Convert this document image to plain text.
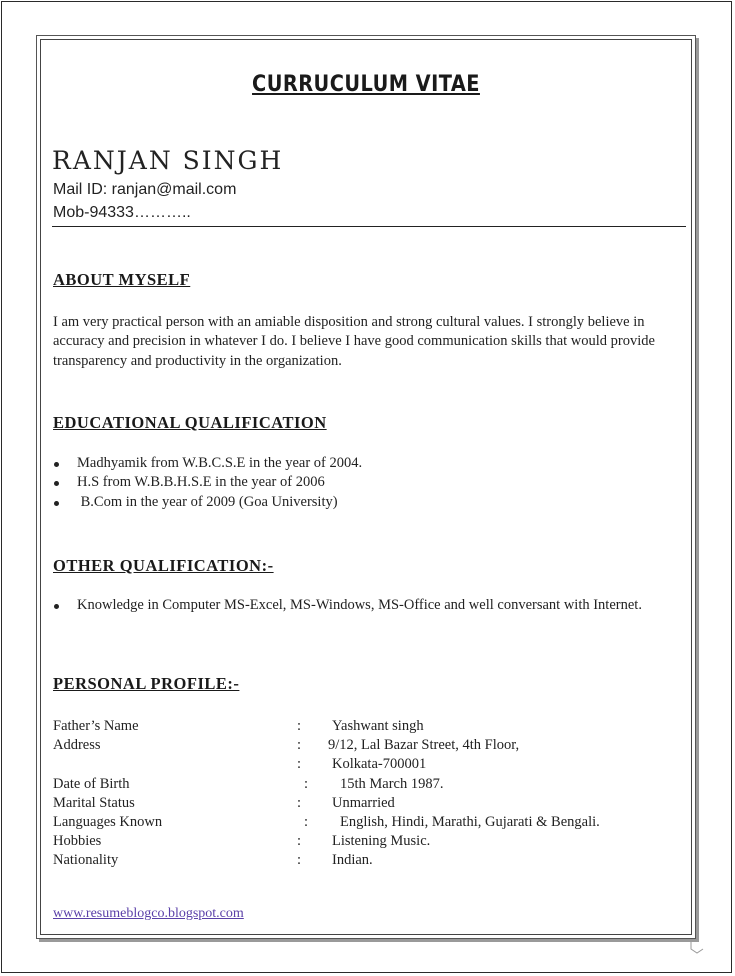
CURRUCULUM VITAE
RANJAN SINGH
Mail ID: ranjan@mail.com
Mob-94333………..
ABOUT MYSELF
I am very practical person with an amiable disposition and strong cultural values. I strongly believe in accuracy and precision in whatever I do. I believe I have good communication skills that would provide transparency and productivity in the organization.
EDUCATIONAL QUALIFICATION
Madhyamik from W.B.C.S.E in the year of 2004.
H.S from W.B.B.H.S.E in the year of 2006
B.Com in the year of 2009 (Goa University)
OTHER QUALIFICATION:-
Knowledge in Computer MS-Excel, MS-Windows, MS-Office and well conversant with Internet.
PERSONAL PROFILE:-
Father’s Name	: Yashwant singh
Address	: 9/12, Lal Bazar Street, 4th Floor,
: Kolkata-700001
Date of Birth	: 15th March 1987.
Marital Status	: Unmarried
Languages Known	: English, Hindi, Marathi, Gujarati & Bengali.
Hobbies	: Listening Music.
Nationality	: Indian.
www.resumeblogco.blogspot.com
